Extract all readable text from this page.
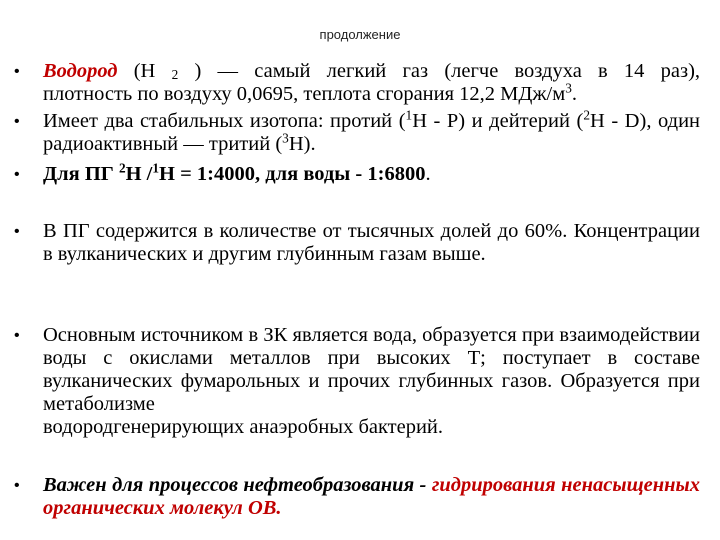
продолжение
• Водород (Н $_2$ ) — самый легкий газ (легче воздуха в 14 раз),
плотность по воздуху 0,0695, теплота сгорания 12,2 МДж/$м^3$.
• Имеет два стабильных изотопа: протий ($^1$Н - Р) и дейтерий ($^2$Н - D), один радиоактивный — тритий ($^3$Н).
• Для ПГ $^2$Н /$^1$Н = 1:4000, для воды - 1:6800.
• В ПГ содержится в количестве от тысячных долей до 60%. Концентрации в вулканических и другим глубинным газам выше.
• Основным источником в ЗК является вода, образуется при взаимодействии воды с окислами металлов при высоких Т; поступает в составе вулканических фумарольных и прочих глубинных газов. Образуется при метаболизме
водородгенерирующих анаэробных бактерий.
• Важен для процессов нефтеобразования - гидрирования ненасыщенных органических молекул ОВ.
